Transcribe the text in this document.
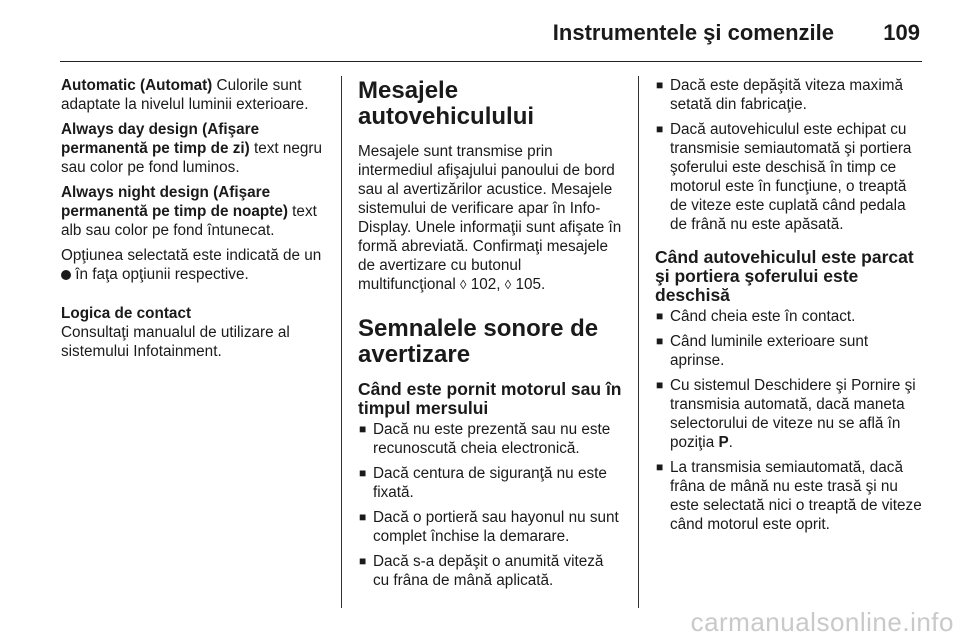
Instrumentele şi comenzile 109

Automatic (Automat) Culorile sunt adaptate la nivelul luminii exterioare.

Always day design (Afişare permanentă pe timp de zi) text negru sau color pe fond luminos.

Always night design (Afişare permanentă pe timp de noapte) text alb sau color pe fond întunecat.

Opţiunea selectată este indicată de un  în faţa opţiunii respective.

Logica de contact

Consultaţi manualul de utilizare al sistemului Infotainment.

Mesajele autovehiculului

Mesajele sunt transmise prin intermediul afişajului panoului de bord sau al avertizărilor acustice. Mesajele sistemului de verificare apar în Info-Display. Unele informaţii sunt afişate în formă abreviată. Confirmaţi mesajele de avertizare cu butonul multifuncţional ◊ 102, ◊ 105.

Semnalele sonore de avertizare
Când este pornit motorul sau în timpul mersului
■ Dacă nu este prezentă sau nu este recunoscută cheia electronică.
■ Dacă centura de siguranţă nu este fixată.
■ Dacă o portieră sau hayonul nu sunt complet închise la demarare.
■ Dacă s-a depăşit o anumită viteză cu frâna de mână aplicată.
■ Dacă este depăşită viteza maximă setată din fabricaţie.
■ Dacă autovehiculul este echipat cu transmisie semiautomată şi portiera şoferului este deschisă în timp ce motorul este în funcţiune, o treaptă de viteze este cuplată când pedala de frână nu este apăsată.
Când autovehiculul este parcat şi portiera şoferului este deschisă
■ Când cheia este în contact.
■ Când luminile exterioare sunt aprinse.
■ Cu sistemul Deschidere şi Pornire şi transmisia automată, dacă maneta selectorului de viteze nu se află în poziţia P.
■ La transmisia semiautomată, dacă frâna de mână nu este trasă şi nu este selectată nici o treaptă de viteze când motorul este oprit.
carmanualsonline.info
